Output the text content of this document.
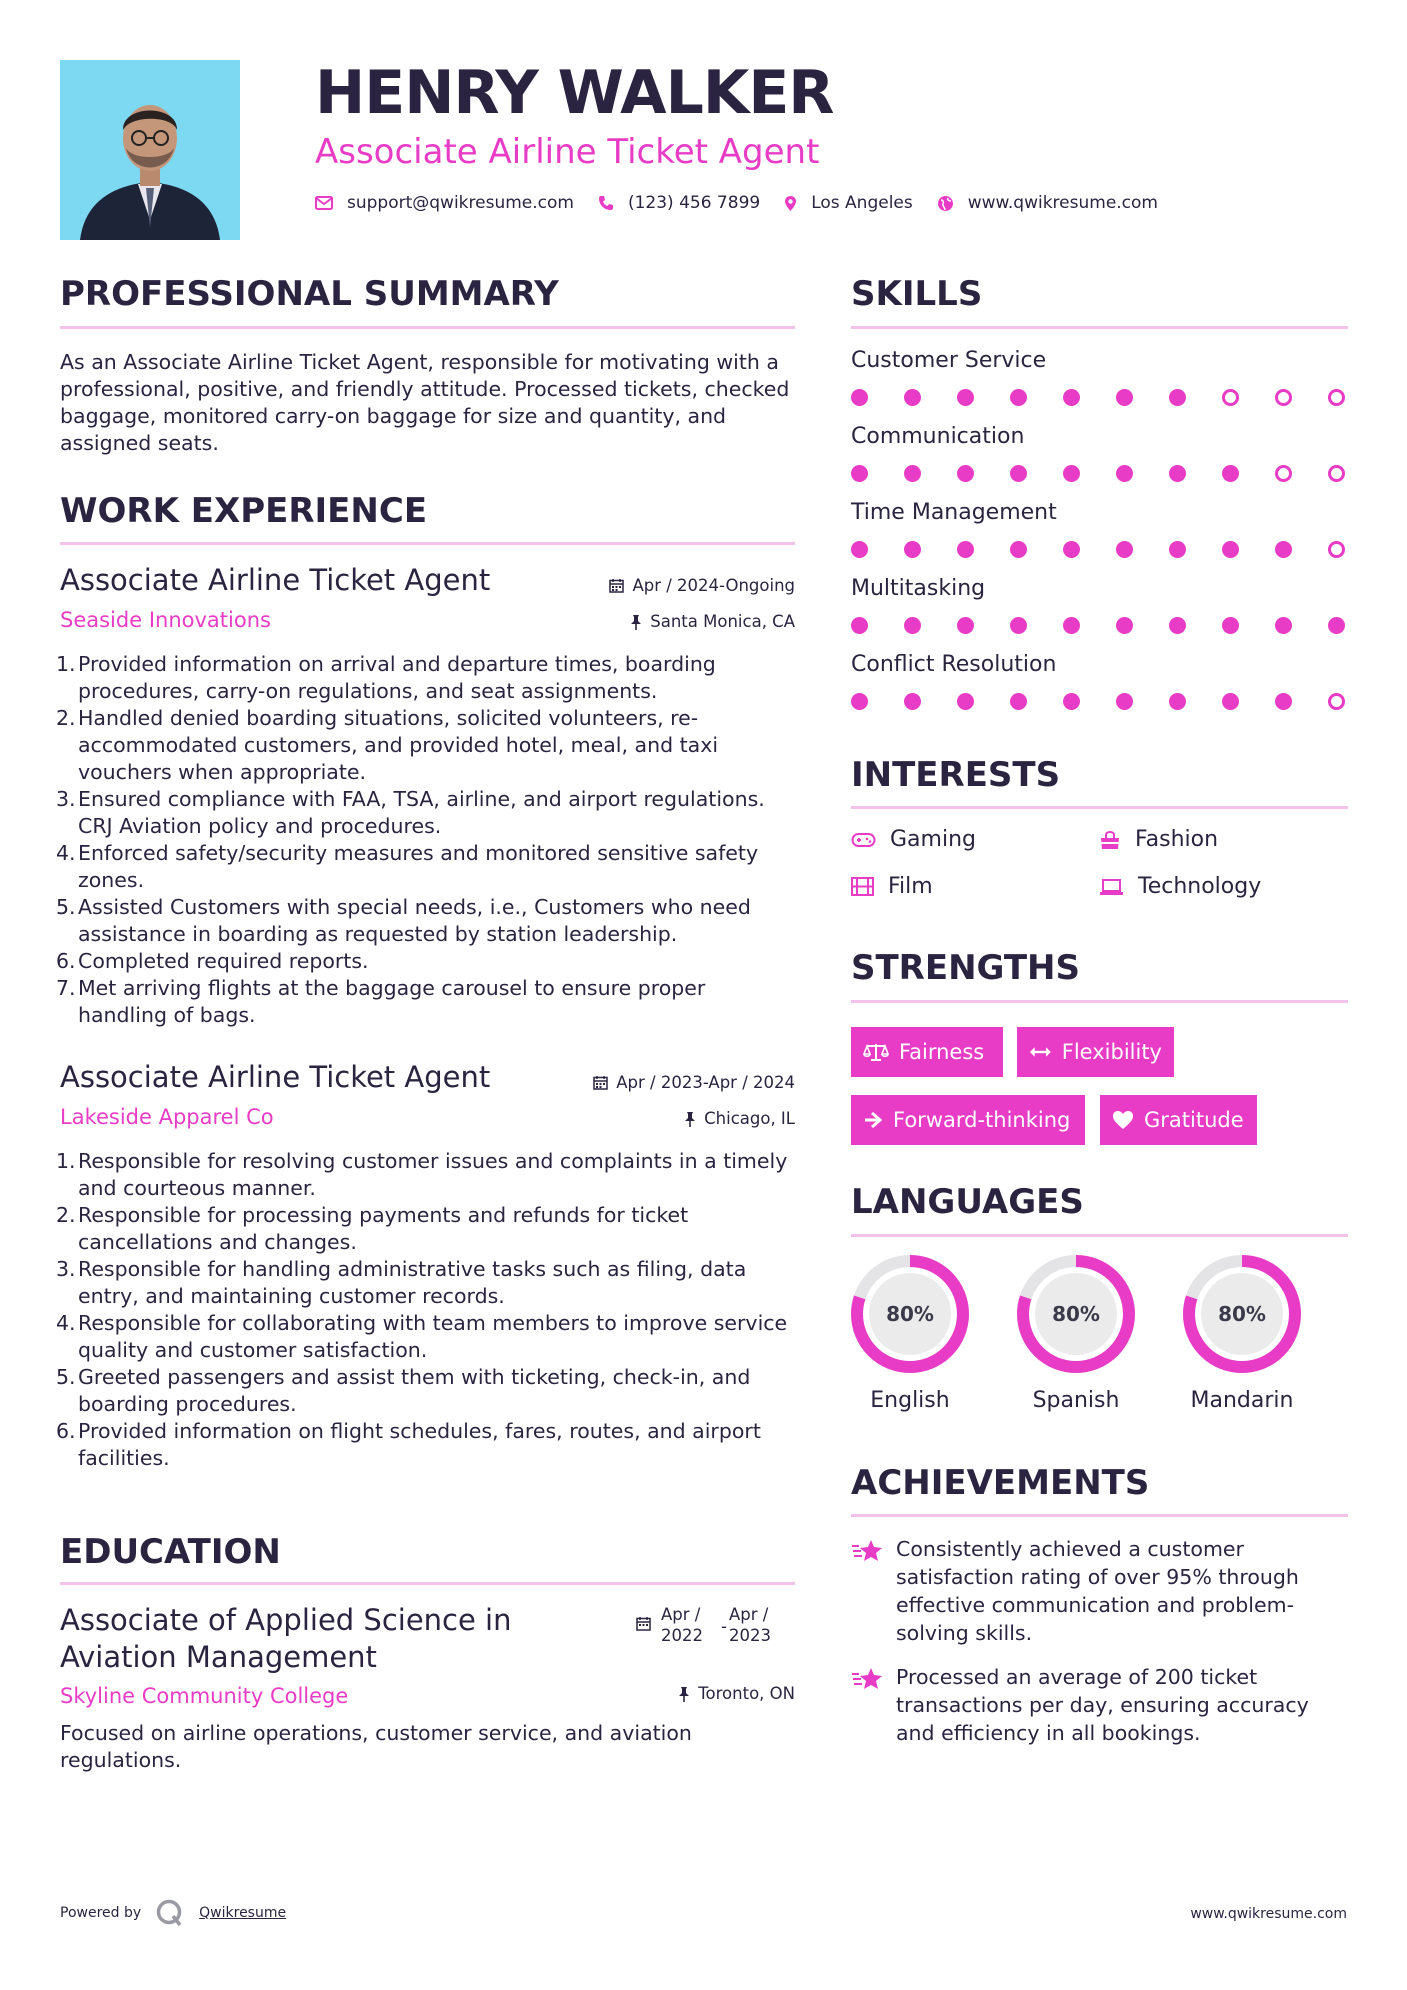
HENRY WALKER
Associate Airline Ticket Agent
support@qwikresume.com	(123) 456 7899	Los Angeles	www.qwikresume.com
PROFESSIONAL SUMMARY
As an Associate Airline Ticket Agent, responsible for motivating with a professional, positive, and friendly attitude. Processed tickets, checked baggage, monitored carry-on baggage for size and quantity, and assigned seats.
WORK EXPERIENCE
Associate Airline Ticket Agent
Seaside Innovations
Apr / 2024-Ongoing
Santa Monica, CA
1. Provided information on arrival and departure times, boarding procedures, carry-on regulations, and seat assignments.
2. Handled denied boarding situations, solicited volunteers, re-accommodated customers, and provided hotel, meal, and taxi vouchers when appropriate.
3. Ensured compliance with FAA, TSA, airline, and airport regulations. CRJ Aviation policy and procedures.
4. Enforced safety/security measures and monitored sensitive safety zones.
5. Assisted Customers with special needs, i.e., Customers who need assistance in boarding as requested by station leadership.
6. Completed required reports.
7. Met arriving flights at the baggage carousel to ensure proper handling of bags.
Associate Airline Ticket Agent
Lakeside Apparel Co
Apr / 2023-Apr / 2024
Chicago, IL
1. Responsible for resolving customer issues and complaints in a timely and courteous manner.
2. Responsible for processing payments and refunds for ticket cancellations and changes.
3. Responsible for handling administrative tasks such as filing, data entry, and maintaining customer records.
4. Responsible for collaborating with team members to improve service quality and customer satisfaction.
5. Greeted passengers and assist them with ticketing, check-in, and boarding procedures.
6. Provided information on flight schedules, fares, routes, and airport facilities.
EDUCATION
Associate of Applied Science in
Aviation Management
Skyline Community College
Apr /
2022 -
Apr /
2023
Toronto, ON
Focused on airline operations, customer service, and aviation regulations.
SKILLS
Customer Service
Communication
Time Management
Multitasking
Conflict Resolution
INTERESTS
Gaming	Fashion
Film	Technology
STRENGTHS
Fairness	Flexibility
Forward-thinking	Gratitude
LANGUAGES
80%
English
80%
Spanish
80%
Mandarin
ACHIEVEMENTS
Consistently achieved a customer satisfaction rating of over 95% through effective communication and problem-solving skills.
Processed an average of 200 ticket transactions per day, ensuring accuracy and efficiency in all bookings.
Powered by	Qwikresume	www.qwikresume.com
